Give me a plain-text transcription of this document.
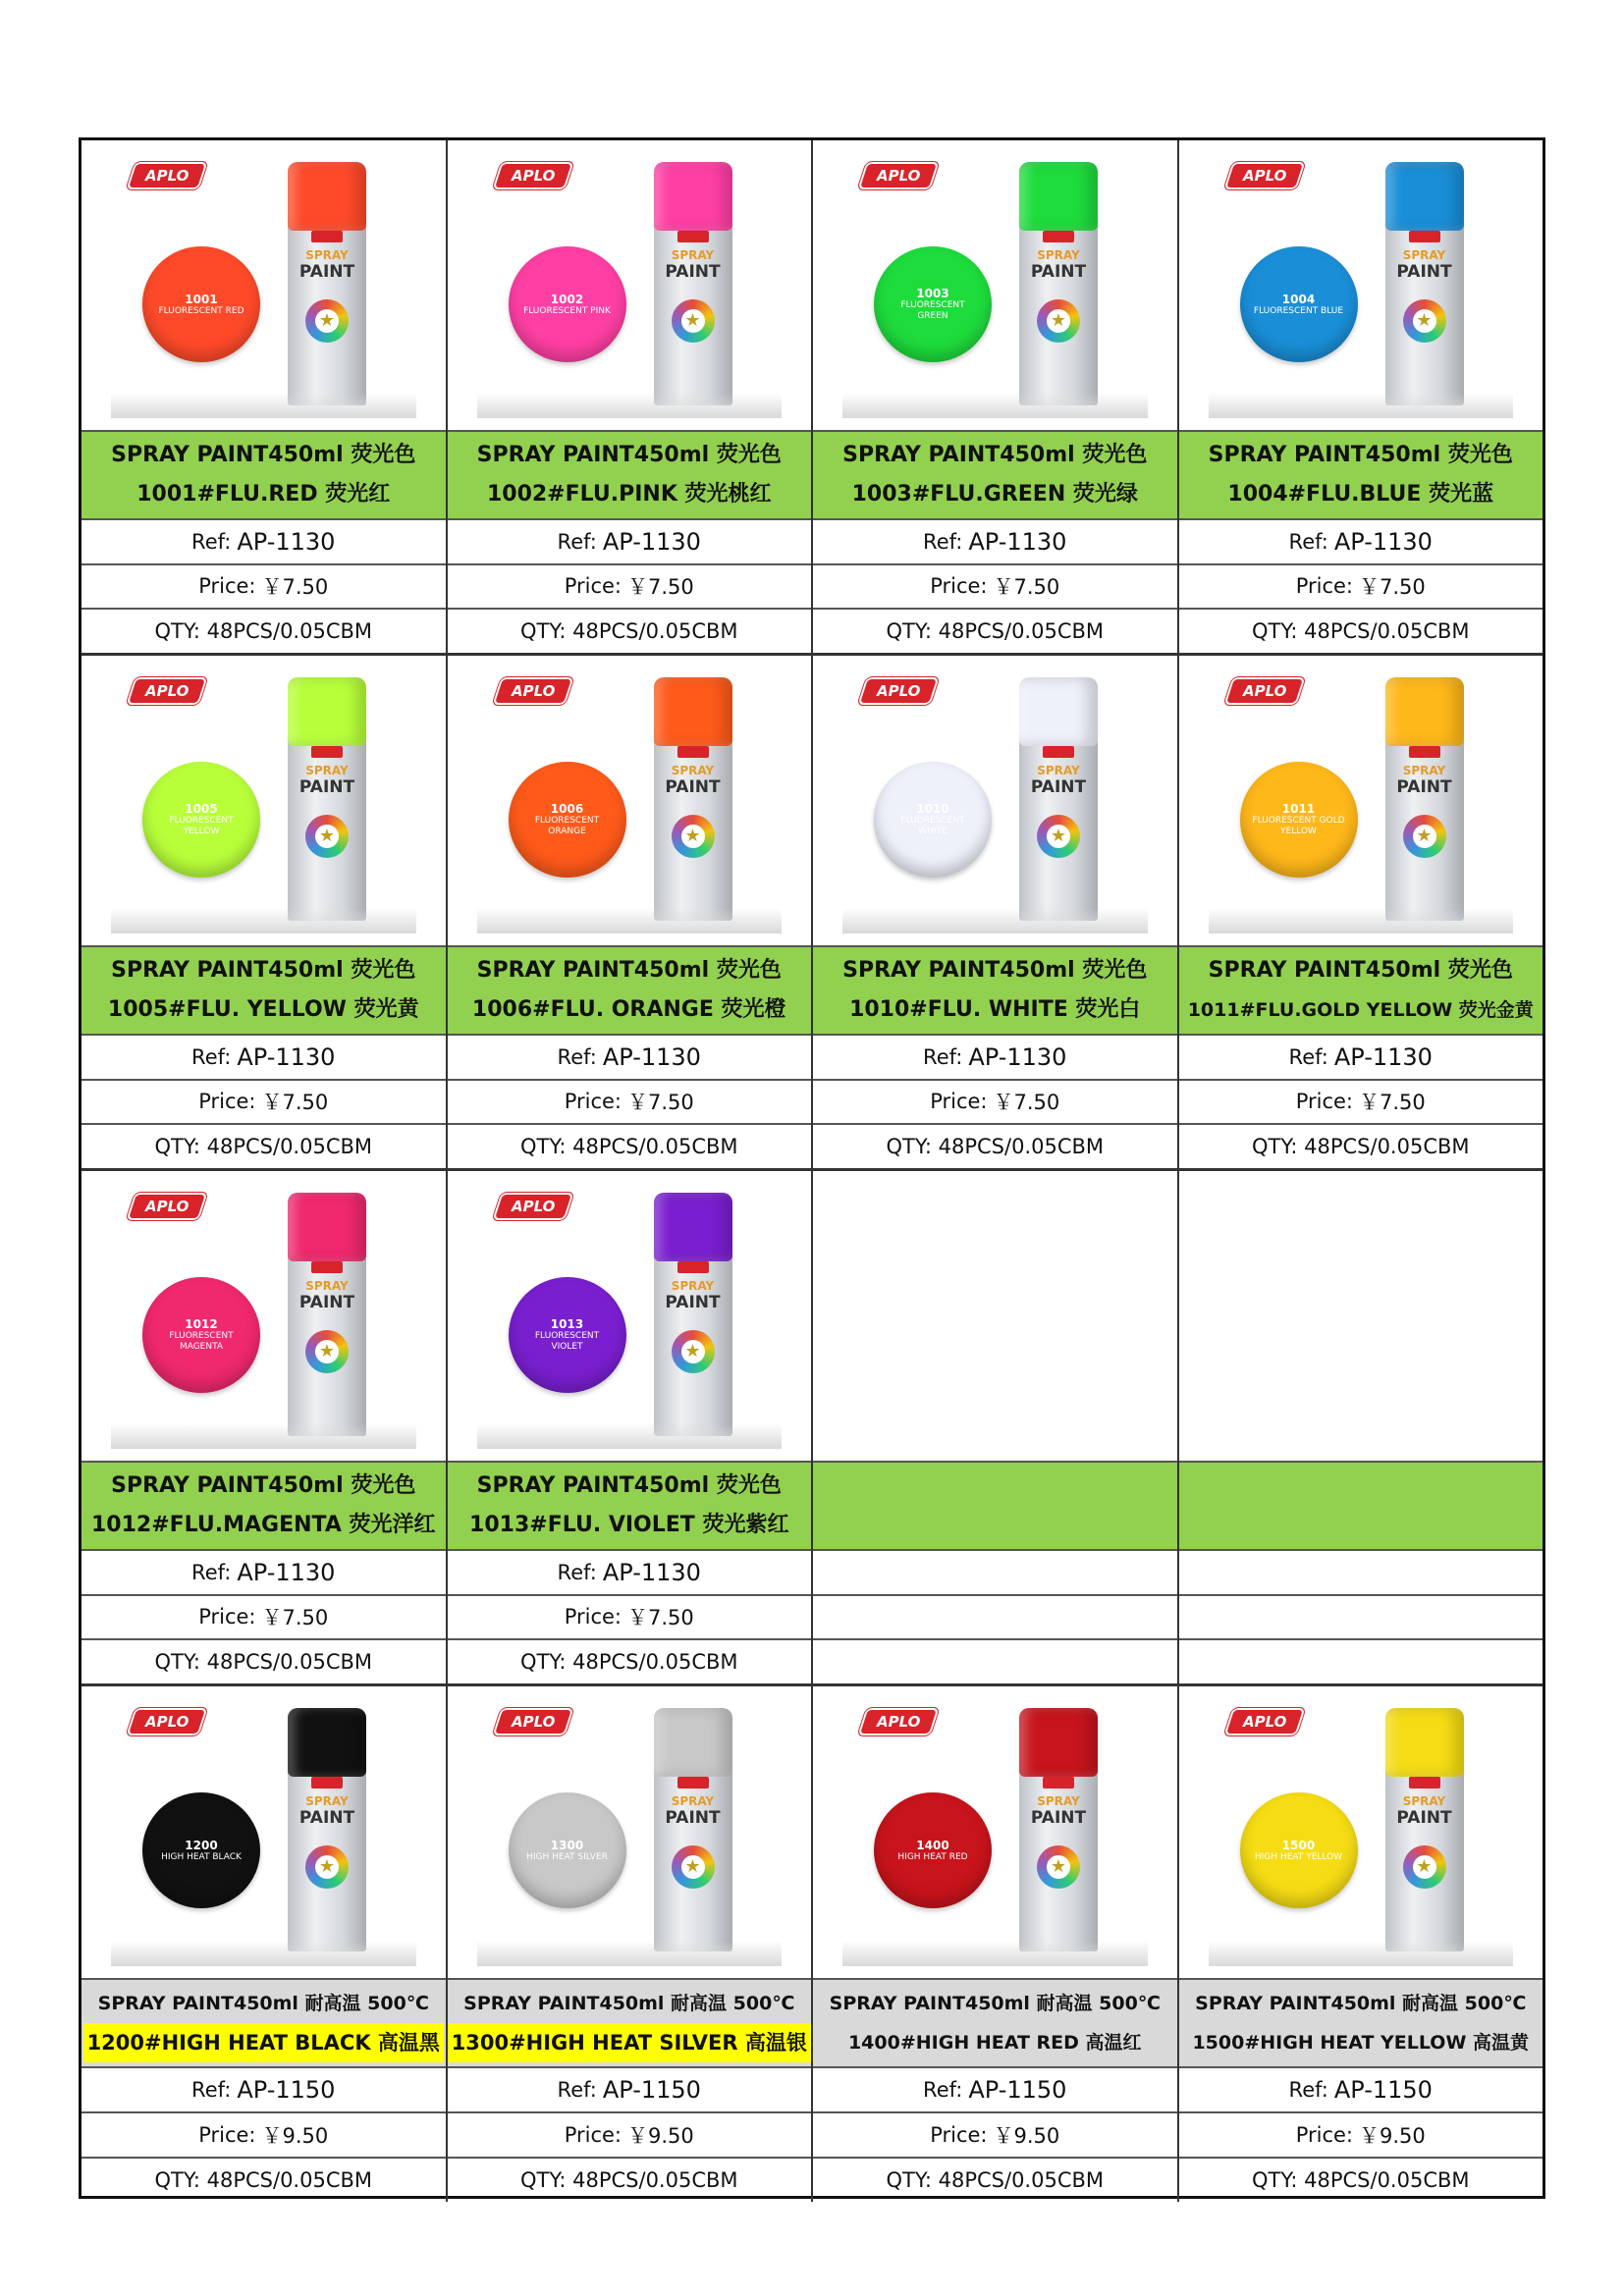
APLO
1001
FLUORESCENT RED
SPRAY
PAINT
★
SPRAY PAINT450ml 荧光色
1001#FLU.RED 荧光红
Ref: AP-1130
Price: ￥7.50
QTY: 48PCS/0.05CBM
APLO
1002
FLUORESCENT PINK
SPRAY
PAINT
★
SPRAY PAINT450ml 荧光色
1002#FLU.PINK 荧光桃红
Ref: AP-1130
Price: ￥7.50
QTY: 48PCS/0.05CBM
APLO
1003
FLUORESCENT GREEN
SPRAY
PAINT
★
SPRAY PAINT450ml 荧光色
1003#FLU.GREEN 荧光绿
Ref: AP-1130
Price: ￥7.50
QTY: 48PCS/0.05CBM
APLO
1004
FLUORESCENT BLUE
SPRAY
PAINT
★
SPRAY PAINT450ml 荧光色
1004#FLU.BLUE 荧光蓝
Ref: AP-1130
Price: ￥7.50
QTY: 48PCS/0.05CBM
APLO
1005
FLUORESCENT YELLOW
SPRAY
PAINT
★
SPRAY PAINT450ml 荧光色
1005#FLU. YELLOW 荧光黄
Ref: AP-1130
Price: ￥7.50
QTY: 48PCS/0.05CBM
APLO
1006
FLUORESCENT ORANGE
SPRAY
PAINT
★
SPRAY PAINT450ml 荧光色
1006#FLU. ORANGE 荧光橙
Ref: AP-1130
Price: ￥7.50
QTY: 48PCS/0.05CBM
APLO
1010
FLUORESCENT WHITE
SPRAY
PAINT
★
SPRAY PAINT450ml 荧光色
1010#FLU. WHITE 荧光白
Ref: AP-1130
Price: ￥7.50
QTY: 48PCS/0.05CBM
APLO
1011
FLUORESCENT GOLD YELLOW
SPRAY
PAINT
★
SPRAY PAINT450ml 荧光色
1011#FLU.GOLD YELLOW 荧光金黄
Ref: AP-1130
Price: ￥7.50
QTY: 48PCS/0.05CBM
APLO
1012
FLUORESCENT MAGENTA
SPRAY
PAINT
★
SPRAY PAINT450ml 荧光色
1012#FLU.MAGENTA 荧光洋红
Ref: AP-1130
Price: ￥7.50
QTY: 48PCS/0.05CBM
APLO
1013
FLUORESCENT VIOLET
SPRAY
PAINT
★
SPRAY PAINT450ml 荧光色
1013#FLU. VIOLET 荧光紫红
Ref: AP-1130
Price: ￥7.50
QTY: 48PCS/0.05CBM
APLO
1200
HIGH HEAT BLACK
SPRAY
PAINT
★
SPRAY PAINT450ml 耐高温 500℃
1200#HIGH HEAT BLACK 高温黑
Ref: AP-1150
Price: ￥9.50
QTY: 48PCS/0.05CBM
APLO
1300
HIGH HEAT SILVER
SPRAY
PAINT
★
SPRAY PAINT450ml 耐高温 500℃
1300#HIGH HEAT SILVER 高温银
Ref: AP-1150
Price: ￥9.50
QTY: 48PCS/0.05CBM
APLO
1400
HIGH HEAT RED
SPRAY
PAINT
★
SPRAY PAINT450ml 耐高温 500℃
1400#HIGH HEAT RED 高温红
Ref: AP-1150
Price: ￥9.50
QTY: 48PCS/0.05CBM
APLO
1500
HIGH HEAT YELLOW
SPRAY
PAINT
★
SPRAY PAINT450ml 耐高温 500℃
1500#HIGH HEAT YELLOW 高温黄
Ref: AP-1150
Price: ￥9.50
QTY: 48PCS/0.05CBM
